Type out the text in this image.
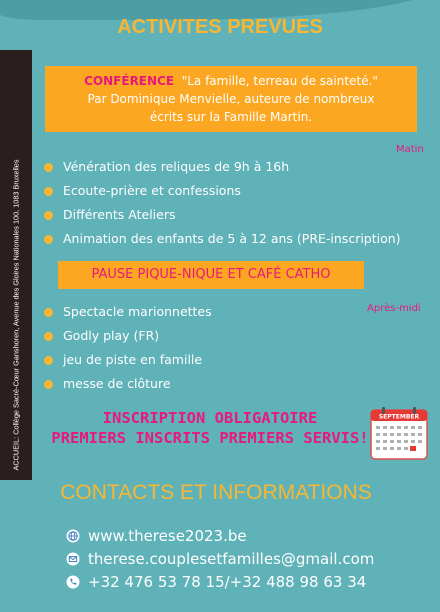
ACCUEIL: Collège Sacré-Cœur Ganshoren, Avenue des Gloires Nationales 100, 1083 Bruxelles
ACTIVITES PREVUES
CONFÉRENCE "La famille, terreau de sainteté."
Par Dominique Menvielle, auteure de nombreux
écrits sur la Famille Martin.
Matin
Vénération des reliques de 9h à 16h
Ecoute-prière et confessions
Différents Ateliers
Animation des enfants de 5 à 12 ans (PRE-inscription)
PAUSE PIQUE-NIQUE ET CAFÉ CATHO
Après-midi
Spectacle marionnettes
Godly play (FR)
jeu de piste en famille
messe de clôture
INSCRIPTION OBLIGATOIRE
PREMIERS INSCRITS PREMIERS SERVIS!
SEPTEMBER
CONTACTS ET INFORMATIONS
www.therese2023.be
therese.couplesetfamilles@gmail.com
+32 476 53 78 15/+32 488 98 63 34
